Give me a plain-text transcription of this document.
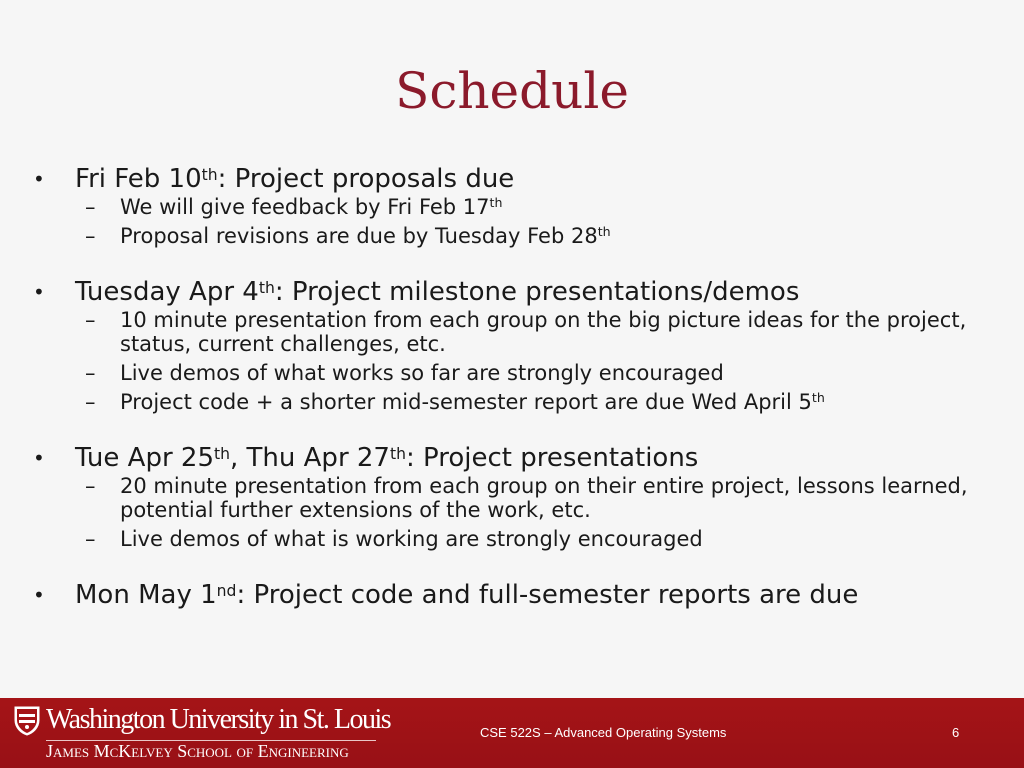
Schedule
• Fri Feb 10th: Project proposals due
– We will give feedback by Fri Feb 17th
– Proposal revisions are due by Tuesday Feb 28th
• Tuesday Apr 4th: Project milestone presentations/demos
– 10 minute presentation from each group on the big picture ideas for the project, status, current challenges, etc.
– Live demos of what works so far are strongly encouraged
– Project code + a shorter mid-semester report are due Wed April 5th
• Tue Apr 25th, Thu Apr 27th: Project presentations
– 20 minute presentation from each group on their entire project, lessons learned, potential further extensions of the work, etc.
– Live demos of what is working are strongly encouraged
• Mon May 1nd: Project code and full-semester reports are due
Washington University in St. Louis
James McKelvey School of Engineering
CSE 522S – Advanced Operating Systems	6
